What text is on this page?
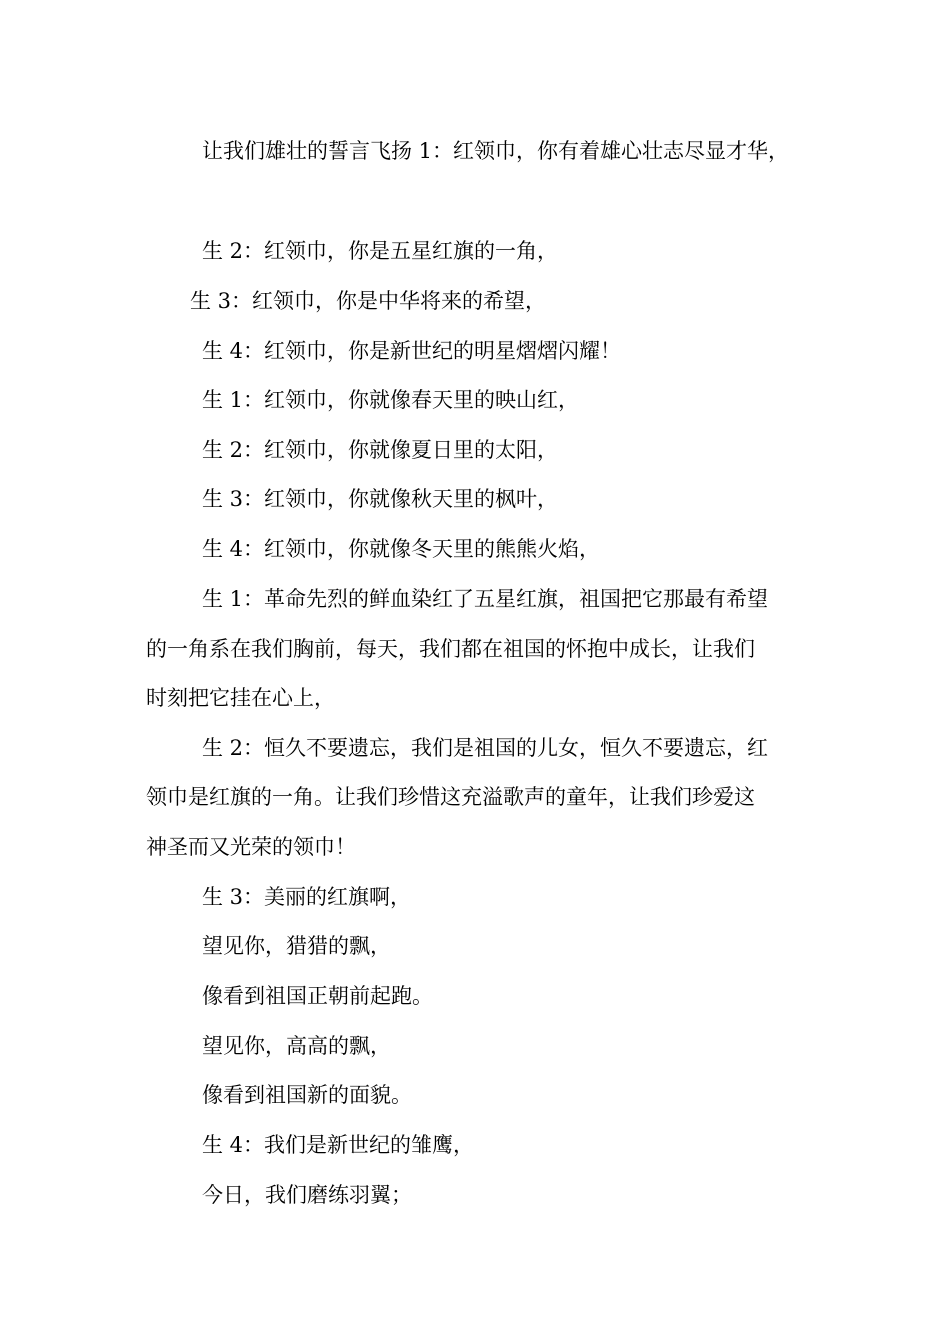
让我们雄壮的誓言飞扬 1：红领巾，你有着雄心壮志尽显才华，
生 2：红领巾，你是五星红旗的一角，
生 3：红领巾，你是中华将来的希望，
生 4：红领巾，你是新世纪的明星熠熠闪耀！
生 1：红领巾，你就像春天里的映山红，
生 2：红领巾，你就像夏日里的太阳，
生 3：红领巾，你就像秋天里的枫叶，
生 4：红领巾，你就像冬天里的熊熊火焰，
生 1：革命先烈的鲜血染红了五星红旗，祖国把它那最有希望
的一角系在我们胸前，每天，我们都在祖国的怀抱中成长，让我们
时刻把它挂在心上，
生 2：恒久不要遗忘，我们是祖国的儿女，恒久不要遗忘，红
领巾是红旗的一角。让我们珍惜这充溢歌声的童年，让我们珍爱这
神圣而又光荣的领巾！
生 3：美丽的红旗啊，
望见你，猎猎的飘，
像看到祖国正朝前起跑。
望见你，高高的飘，
像看到祖国新的面貌。
生 4：我们是新世纪的雏鹰，
今日，我们磨练羽翼；
